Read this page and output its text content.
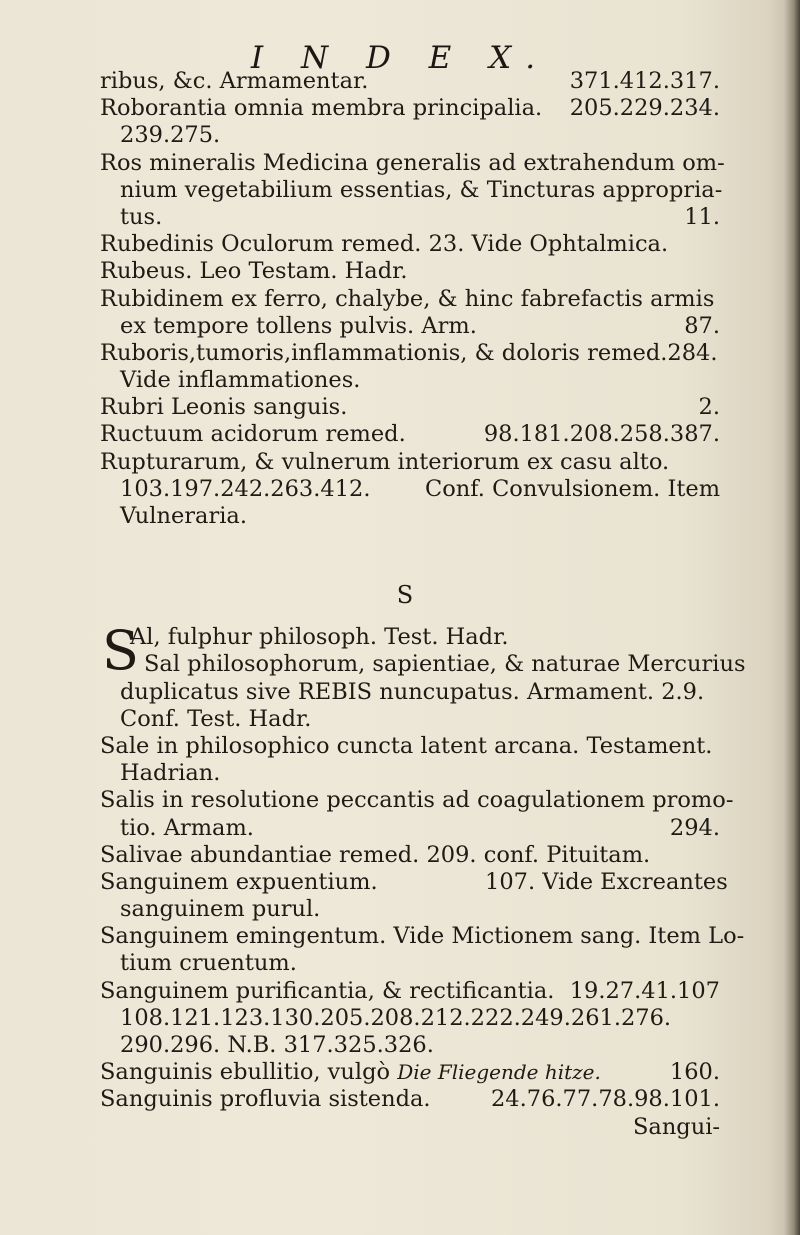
I N D E X.
ribus, &c. Armamentar.	371.412.317.
Roborantia omnia membra principalia. 205.229.234.
239.275.
Ros mineralis Medicina generalis ad extrahendum om-
nium vegetabilium essentias, & Tincturas appropria-
tus.	11.
Rubedinis Oculorum remed. 23. Vide Ophtalmica.
Rubeus. Leo Testam. Hadr.
Rubidinem ex ferro, chalybe, & hinc fabrefactis armis
ex tempore tollens pulvis. Arm.	87.
Ruboris,tumoris,inflammationis, & doloris remed.284.
Vide inflammationes.
Rubri Leonis sanguis.	2.
Ructuum acidorum remed.	98.181.208.258.387.
Rupturarum, & vulnerum interiorum ex casu alto.
103.197.242.263.412. Conf. Convulsionem. Item
Vulneraria.
S
S
Al, fulphur philosoph. Test. Hadr.
Sal philosophorum, sapientiae, & naturae Mercurius
duplicatus sive REBIS nuncupatus. Armament. 2.9.
Conf. Test. Hadr.
Sale in philosophico cuncta latent arcana. Testament.
Hadrian.
Salis in resolutione peccantis ad coagulationem promo-
tio. Armam.	294.
Salivae abundantiae remed. 209. conf. Pituitam.
Sanguinem expuentium.	107. Vide Excreantes
sanguinem purul.
Sanguinem emingentum. Vide Mictionem sang. Item Lo-
tium cruentum.
Sanguinem purificantia, & rectificantia. 19.27.41.107
108.121.123.130.205.208.212.222.249.261.276.
290.296. N.B. 317.325.326.
Sanguinis ebullitio, vulgò Die Fliegende hitze.	160.
Sanguinis profluvia sistenda.	24.76.77.78.98.101.
Sangui-
